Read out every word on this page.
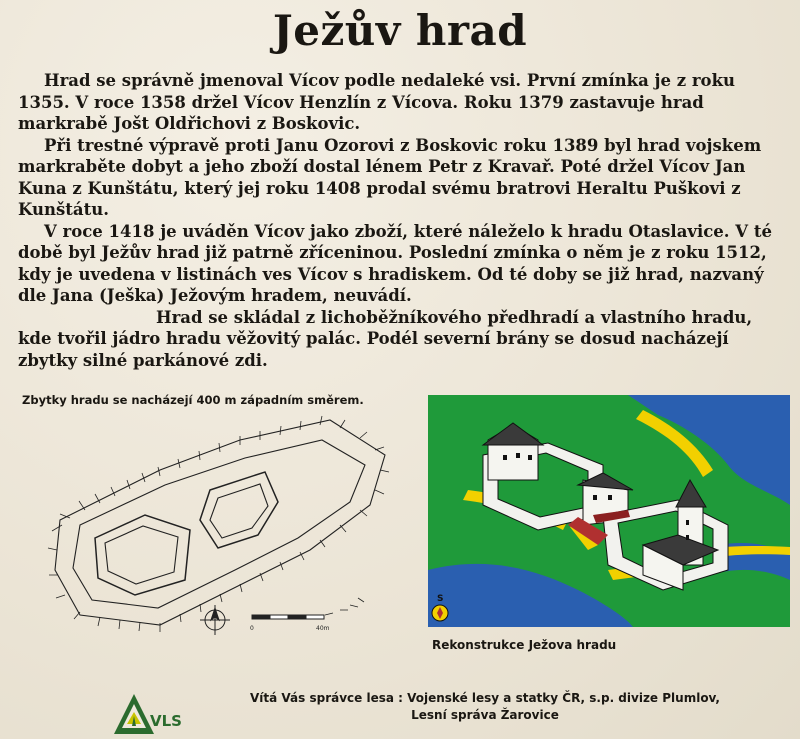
Ježův hrad

Hrad se správně jmenoval Vícov podle nedaleké vsi. První zmínka je z roku 1355. V roce 1358 držel Vícov Henzlín z Vícova. Roku 1379 zastavuje hrad markrabě Jošt Oldřichovi z Boskovic.

Při trestné výpravě proti Janu Ozorovi z Boskovic roku 1389 byl hrad vojskem markraběte dobyt a jeho zboží dostal lénem Petr z Kravař. Poté držel Vícov Jan Kuna z Kunštátu, který jej roku 1408 prodal svému bratrovi Heraltu Puškovi z Kunštátu.

V roce 1418 je uváděn Vícov jako zboží, které náleželo k hradu Otaslavice. V té době byl Ježův hrad již patrně zříceninou. Poslední zmínka o něm je z roku 1512, kdy je uvedena v listinách ves Vícov s hradiskem. Od té doby se již hrad, nazvaný dle Jana (Ješka) Ježovým hradem, neuvádí.

Hrad se skládal z lichoběžníkového předhradí a vlastního hradu, kde tvořil jádro hradu věžovitý palác. Podél severní brány se dosud nacházejí zbytky silné parkánové zdi.

Zbytky hradu se nacházejí 400 m západním směrem.
0	40m
S
Rekonstrukce Ježova hradu
VLS
Vítá Vás správce lesa : Vojenské lesy a statky ČR, s.p. divize Plumlov,
Lesní správa Žarovice
